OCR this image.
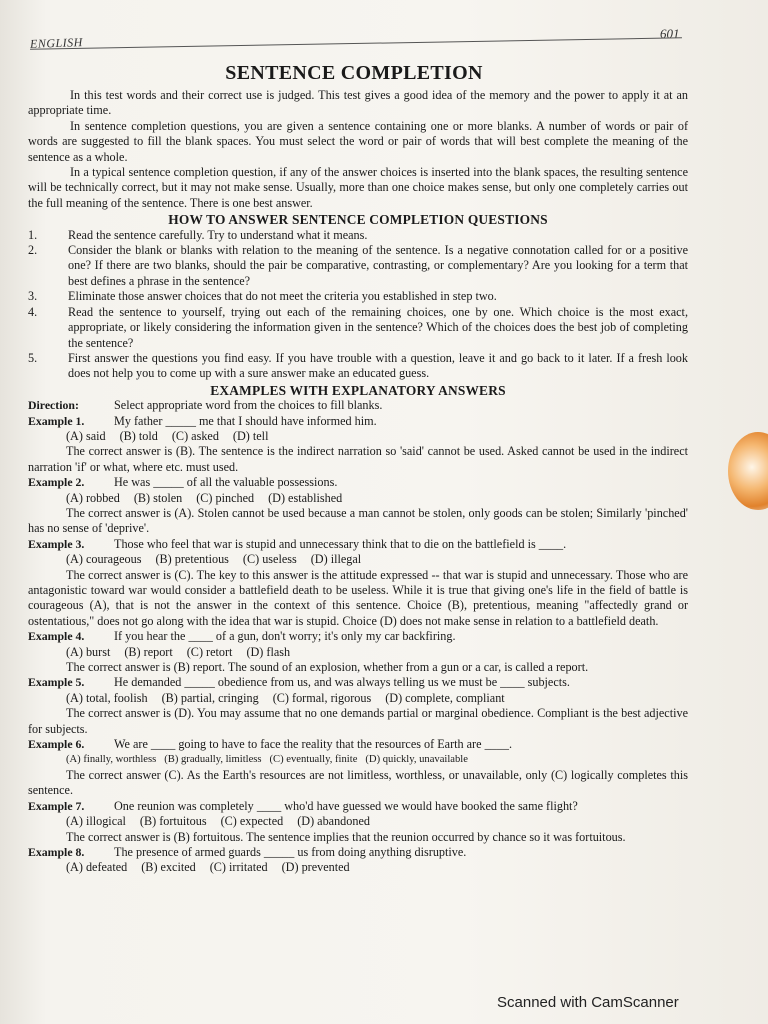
ENGLISH
601
SENTENCE COMPLETION

In this test words and their correct use is judged. This test gives a good idea of the memory and the power to apply it at an appropriate time.

In sentence completion questions, you are given a sentence containing one or more blanks. A number of words or pair of words are suggested to fill the blank spaces. You must select the word or pair of words that will best complete the meaning of the sentence as a whole.

In a typical sentence completion question, if any of the answer choices is inserted into the blank spaces, the resulting sentence will be technically correct, but it may not make sense. Usually, more than one choice makes sense, but only one completely carries out the full meaning of the sentence. There is one best answer.

HOW TO ANSWER SENTENCE COMPLETION QUESTIONS
1.	Read the sentence carefully. Try to understand what it means.
2.	Consider the blank or blanks with relation to the meaning of the sentence. Is a negative connotation called for or a positive one? If there are two blanks, should the pair be comparative, contrasting, or complementary? Are you looking for a term that best defines a phrase in the sentence?
3.	Eliminate those answer choices that do not meet the criteria you established in step two.
4.	Read the sentence to yourself, trying out each of the remaining choices, one by one. Which choice is the most exact, appropriate, or likely considering the information given in the sentence? Which of the choices does the best job of completing the sentence?
5.	First answer the questions you find easy. If you have trouble with a question, leave it and go back to it later. If a fresh look does not help you to come up with a sure answer make an educated guess.
EXAMPLES WITH EXPLANATORY ANSWERS
Direction:	Select appropriate word from the choices to fill blanks.
Example 1.	My father _____ me that I should have informed him.
(A) said (B) told (C) asked (D) tell

The correct answer is (B). The sentence is the indirect narration so 'said' cannot be used. Asked cannot be used in the indirect narration 'if' or what, where etc. must used.

Example 2.	He was _____ of all the valuable possessions.
(A) robbed (B) stolen (C) pinched (D) established

The correct answer is (A). Stolen cannot be used because a man cannot be stolen, only goods can be stolen; Similarly 'pinched' has no sense of 'deprive'.

Example 3.	Those who feel that war is stupid and unnecessary think that to die on the battlefield is ____.
(A) courageous (B) pretentious (C) useless (D) illegal

The correct answer is (C). The key to this answer is the attitude expressed -- that war is stupid and unnecessary. Those who are antagonistic toward war would consider a battlefield death to be useless. While it is true that giving one's life in the field of battle is courageous (A), that is not the answer in the context of this sentence. Choice (B), pretentious, meaning "affectedly grand or ostentatious," does not go along with the idea that war is stupid. Choice (D) does not make sense in relation to a battlefield death.

Example 4.	If you hear the ____ of a gun, don't worry; it's only my car backfiring.
(A) burst (B) report (C) retort (D) flash

The correct answer is (B) report. The sound of an explosion, whether from a gun or a car, is called a report.

Example 5.	He demanded _____ obedience from us, and was always telling us we must be ____ subjects.
(A) total, foolish (B) partial, cringing (C) formal, rigorous (D) complete, compliant

The correct answer is (D). You may assume that no one demands partial or marginal obedience. Compliant is the best adjective for subjects.

Example 6.	We are ____ going to have to face the reality that the resources of Earth are ____.
(A) finally, worthless (B) gradually, limitless (C) eventually, finite (D) quickly, unavailable

The correct answer (C). As the Earth's resources are not limitless, worthless, or unavailable, only (C) logically completes this sentence.

Example 7.	One reunion was completely ____ who'd have guessed we would have booked the same flight?
(A) illogical (B) fortuitous (C) expected (D) abandoned

The correct answer is (B) fortuitous. The sentence implies that the reunion occurred by chance so it was fortuitous.

Example 8.	The presence of armed guards _____ us from doing anything disruptive.
(A) defeated (B) excited (C) irritated (D) prevented
Scanned with CamScanner
